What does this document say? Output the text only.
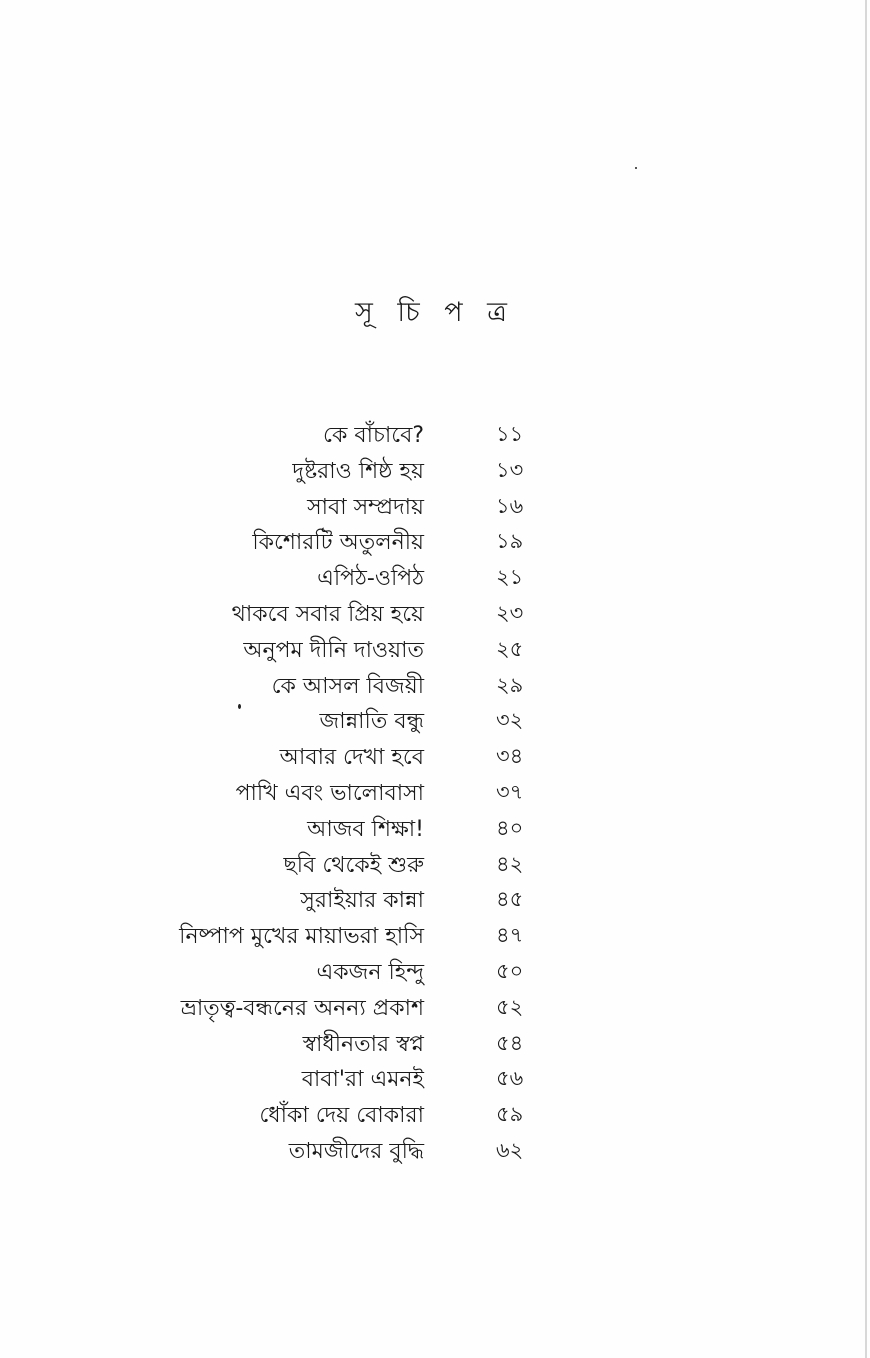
সূ চি প ত্র
কে বাঁচাবে?	১১
দুষ্টরাও শিষ্ঠ হয়	১৩
সাবা সম্প্রদায়	১৬
কিশোরটি অতুলনীয়	১৯
এপিঠ-ওপিঠ	২১
থাকবে সবার প্রিয় হয়ে	২৩
অনুপম দীনি দাওয়াত	২৫
কে আসল বিজয়ী	২৯
জান্নাতি বন্ধু	৩২
আবার দেখা হবে	৩৪
পাখি এবং ভালোবাসা	৩৭
আজব শিক্ষা!	৪০
ছবি থেকেই শুরু	৪২
সুরাইয়ার কান্না	৪৫
নিষ্পাপ মুখের মায়াভরা হাসি	৪৭
একজন হিন্দু	৫০
ভ্রাতৃত্ব-বন্ধনের অনন্য প্রকাশ	৫২
স্বাধীনতার স্বপ্ন	৫৪
বাবা'রা এমনই	৫৬
ধোঁকা দেয় বোকারা	৫৯
তামজীদের বুদ্ধি	৬২
